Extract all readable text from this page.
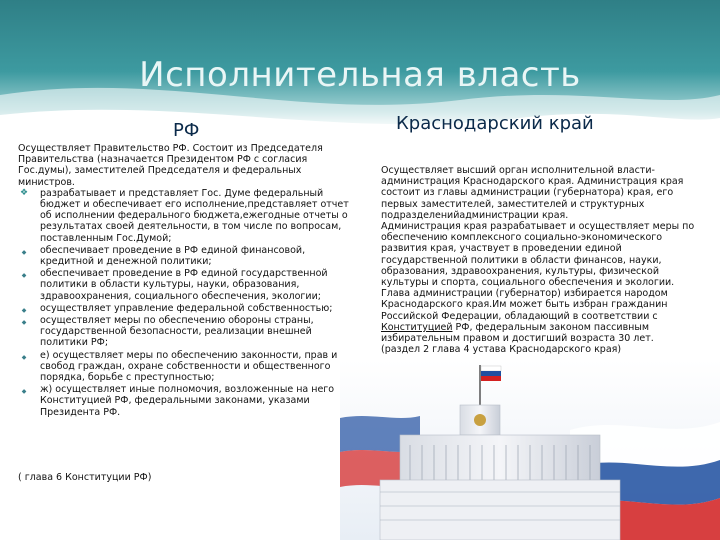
Исполнительная власть
РФ	Краснодарский край

Осуществляет Правительство РФ. Состоит из Председателя Правительства (назначается Президентом РФ с согласия Гос.думы), заместителей Председателя и федеральных министров.

❖ разрабатывает и представляет Гос. Думе федеральный бюджет и обеспечивает его исполнение,представляет отчет об исполнении федерального бюджета,ежегодные отчеты о результатах своей деятельности, в том числе по вопросам, поставленным Гос.Думой;
◆	обеспечивает проведение в РФ единой финансовой, кредитной и денежной политики;
◆	обеспечивает проведение в РФ единой государственной политики в области культуры, науки, образования, здравоохранения, социального обеспечения, экологии;
◆	осуществляет управление федеральной собственностью;
◆	осуществляет меры по обеспечению обороны страны, государственной безопасности, реализации внешней политики РФ;
◆	е) осуществляет меры по обеспечению законности, прав и свобод граждан, охране собственности и общественного порядка, борьбе с преступностью;
◆	ж) осуществляет иные полномочия, возложенные на него Конституцией РФ, федеральными законами, указами Президента РФ.
( глава 6 Конституции РФ)

Осуществляет высший орган исполнительной власти-администрация Краснодарского края. Администрация края состоит из главы администрации (губернатора) края, его первых заместителей, заместителей и структурных подразделенийадминистрации края.

Администрация края разрабатывает и осуществляет меры по обеспечению комплексного социально-экономического развития края, участвует в проведении единой государственной политики в области финансов, науки, образования, здравоохранения, культуры, физической культуры и спорта, социального обеспечения и экологии.

Глава администрации (губернатор) избирается народом Краснодарского края.Им может быть избран гражданин Российской Федерации, обладающий в соответствии с Конституцией РФ, федеральным законом пассивным избирательным правом и достигший возраста 30 лет.

(раздел 2 глава 4 устава Краснодарского края)
